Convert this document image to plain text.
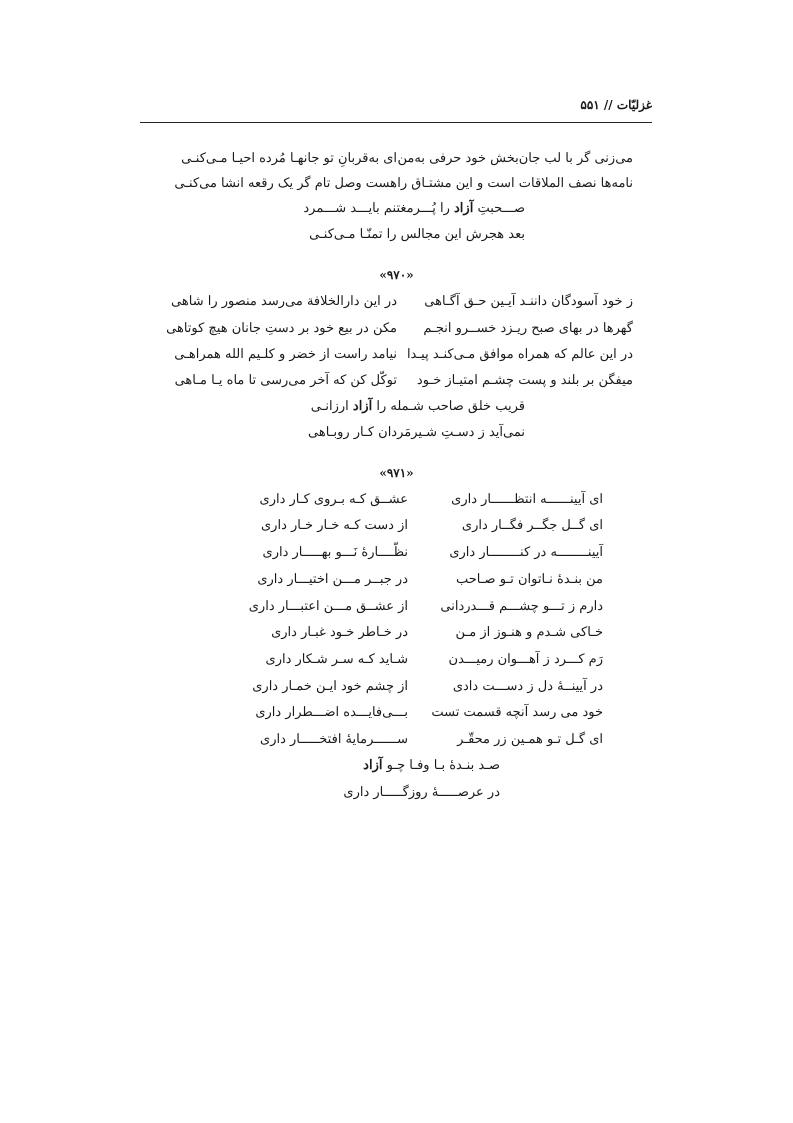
غزلیّات // ۵۵۱
می‌زنی گر با لب جان‌بخش خود حرفی به‌من
ای به‌قربانِ تو جانهـا مُرده احیـا مـی‌کنـی
نامه‌ها نصف الملاقات است و این مشتـاق را
هست وصل تام گر یک رقعه انشا می‌کنـی
صـــحبتِ آزاد را پُـــرمغتنم بایـــد شـــمرد
بعد هجرش این مجالس را تمنّـا مـی‌کنـی
«۹۷۰»
ز خود آسودگان داننـد آیـین حـق آگـاهی
در این دارالخلافة می‌رسد منصور را شاهی
گهرها در بهای صبح ریـزد خســرو انجـم
مکن در بیع خود بر دستِ جانان هیچ کوتاهی
در این عالم که همراه موافق مـی‌کنـد پیـدا
نیامد راست از خضر و کلـیم الله همراهـی
میفگن بر بلند و پست چشـم امتیـاز خـود
توکّل کن که آخر می‌رسی تا ماه یـا مـاهی
قریب خلق صاحب شـمله را آزاد ارزانـی
نمی‌آید ز دسـتِ شـیرمَردان کـار روبـاهی
«۹۷۱»
ای آیینــــــه انتظــــــار داری
عشــق کـه بـروی کـار داری
ای گــل جگــر فگــار داری
از دست کـه خـار خـار داری
آیینــــــــه در کنــــــــار داری
نظّــــارهٔ نَـــو بهـــــار داری
من بنـدهٔ نـاتوان تـو صـاحب
در جبــر مـــن اختیـــار داری
دارم ز تـــو چشـــم قـــدردانی
از عشــق مـــن اعتبـــار داری
خـاکی شـدم و هنـوز از مـن
در خـاطر خـود غبـار داری
رَم کـــرد ز آهـــوان رمیـــدن
شـاید کـه سـر شـکار داری
در آیینــهٔ دل ز دســـت دادی
از چشم خود ایـن خمـار داری
خود می رسد آنچه قسمت تست
بـــی‌فایـــده اضـــطرار داری
ای گـل تـو همـین زر محقّـر
ســــــرمایهٔ افتخـــــار داری
صـد بنـدهٔ بـا وفـا چـو آزاد
در عرصـــــهٔ روزگـــــار داری
